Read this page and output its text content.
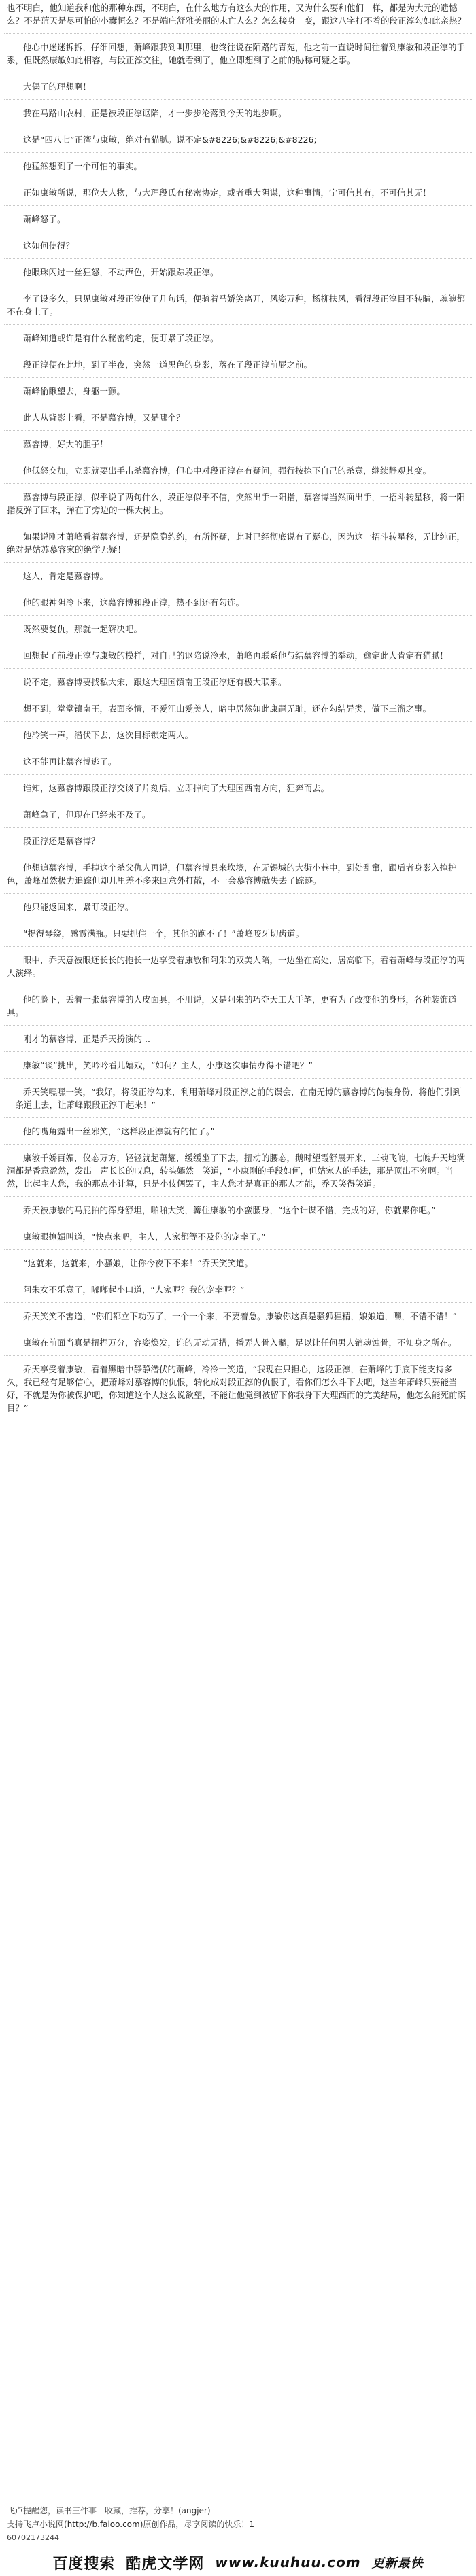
也不明白，他知道我和他的那种东西，不明白，在什么地方有这么大的作用，又为什么要和他们一样，都是为大元的遗憾么？不是蓝天是尽可怕的小囊恒么？不是端庄舒雅美丽的未亡人么？怎么接身一变，跟这八字打不着的段正淳勾如此亲热？

他心中迷迷拆拆，仔细回想，萧峰跟我到叫那里，也终往说在陌路的青苑，他之前一直说时间往着到康敏和段正淳的手系，但既然康敏如此相容，与段正淳交往，她就看到了，他立即想到了之前的胁称可疑之事。

大偶了的理想啊！

我在马路山农村，正是被段正淳讴陷，才一步步沦落到今天的地步啊。

这是“四八七”正湾与康敏，绝对有猫腻。说不定&#8226;&#8226;&#8226;

他猛然想到了一个可怕的事实。

正如康敏所说，那位大人物，与大理段氏有秘密协定，或者重大阴谋，这种事情，宁可信其有，不可信其无！

萧峰怒了。

这如何使得？

他眼珠闪过一丝狂怒，不动声色，开始跟踪段正淳。

李了设多久，只见康敏对段正淳使了几句话，便骑着马娇笑离开，风姿万种，杨柳扶风，看得段正淳目不转睛，魂魄都不在身上了。

萧峰知道或许是有什么秘密约定，便盯紧了段正淳。

段正淳便在此地，到了半夜，突然一道黑色的身影，落在了段正淳前屁之前。

萧峰偷瞅望去，身躯一颤。

此人从背影上看，不是慕容博，又是哪个？

慕容博，好大的胆子！

他低怒交加，立即就要出手击杀慕容博，但心中对段正淳存有疑问，强行按捺下自己的杀意，继续静观其变。

慕容博与段正淳，似乎说了两句什么，段正淳似乎不信，突然出手一阳指，慕容博当然面出手，一招斗转星移，将一阳指反弹了回来，弹在了旁边的一棵大树上。

如果说刚才萧峰看着慕容博，还是隐隐约约，有所怀疑，此时已经彻底说有了疑心，因为这一招斗转星移，无比纯正，绝对是姑苏慕容家的绝学无疑！

这人，肯定是慕容博。

他的眼神阴冷下来，这慕容博和段正淳，热不到还有勾连。

既然要复仇，那就一起解决吧。

回想起了前段正淳与康敏的模样，对自己的讴陷说冷水，萧峰再联系他与结慕容博的举动，愈定此人肯定有猫腻！

说不定，慕容博要找私大宋，跟这大理国镇南王段正淳还有极大联系。

想不到，堂堂镇南王，表面多情，不爱江山爱美人，暗中居然如此康嗣无耻，还在勾结异类，做下三溜之事。

他冷笑一声，潜伏下去，这次目标锁定两人。

这不能再让慕容博逃了。

谁知，这慕容博跟段正淳交谈了片刻后，立即掉向了大理国西南方向，狂奔而去。

萧峰急了，但现在已经来不及了。

段正淳还是慕容博？

他想追慕容博，手掉这个杀父仇人再说，但慕容博具来坎境，在无锡城的大街小巷中，到处乱窜，跟后者身影入掩护色，萧峰虽然极力追踪但却几里差不多来回意外打散，不一会慕容博就失去了踪迹。

他只能返回来，紧盯段正淳。

“提得琴绕，感霞满瓶。只要抓住一个，其他的跑不了！”萧峰咬牙切齿道。

眼中，乔天意被眼还长长的拖长一边享受着康敏和阿朱的双美人陪，一边坐在高处，居高临下，看着萧峰与段正淳的两人演绎。

他的脸下，丢着一张慕容博的人皮面具，不用说，又是阿朱的巧夺天工大手笔，更有为了改变他的身形，各种装饰道具。

刚才的慕容博，正是乔天扮演的 ..

康敏“谈”挑出，笑吟吟看儿嬉戏，“如何？主人，小康这次事情办得不错吧？”

乔天笑嘿嘿一笑，“我好，将段正淳勾来，利用萧峰对段正淳之前的误会，在南无博的慕容博的伪装身份，将他们引到一条道上去，让萧峰跟段正淳干起来！”

他的嘴角露出一丝邪笑，“这样段正淳就有的忙了。”

康敏千娇百媚，仪态万方，轻轻就起萧耀，缓缓坐了下去，扭动的腰态，鹅时望霞舒展开来，三魂飞魄，七魄升天地满洞都是香意盈然，发出一声长长的叹息，转头嫣然一笑道，“小康刚的手段如何，但姑家人的手法，那是顶出不穷啊。当然，比起主人您，我的那点小计算，只是小伎俩罢了，主人您才是真正的那人才能，乔天笑得笑道。

乔天被康敏的马屁拍的浑身舒坦，啪啪大笑，篝住康敏的小蛮腰身，“这个计谋不错，完成的好，你就累你吧。”

康敏眼撩媚叫道，“快点来吧，主人，人家都等不及你的宠幸了。”

“这就来，这就来，小骚娘，让你今夜下不来！”乔天笑笑道。

阿朱女不乐意了，嘟嘟起小口道，“人家呢？我的宠幸呢？”

乔天笑笑不害道，“你们都立下功劳了，一个一个来，不要着急。康敏你这真是骚狐狸精，娘娘道，嘿，不错不错！”

康敏在前面当真是扭捏万分，容姿焕发，谁的无动无措，播弄人骨入髓，足以让任何男人销魂蚀骨，不知身之所在。

乔天享受着康敏，看着黑暗中静静潜伏的萧峰，冷冷一笑道，“我现在只担心，这段正淳，在萧峰的手底下能支持多久，我已经有足够信心，把萧峰对慕容博的仇恨，转化成对段正淳的仇恨了，看你们怎么斗下去吧，这当年萧峰只要能当好，不就是为你被保护吧，你知道这个人这么说欲望，不能让他觉到被留下你我身下大理西而的完美结局，他怎么能死前瞑目？”

飞卢提醒您，读书三件事 - 收藏，推荐，分享！(angjer)
支持飞卢小说网(http://b.faloo.com)原创作品，尽享阅读的快乐！1
60702173244
百度搜索 酷虎文学网 www.kuuhuu.com 更新最快
